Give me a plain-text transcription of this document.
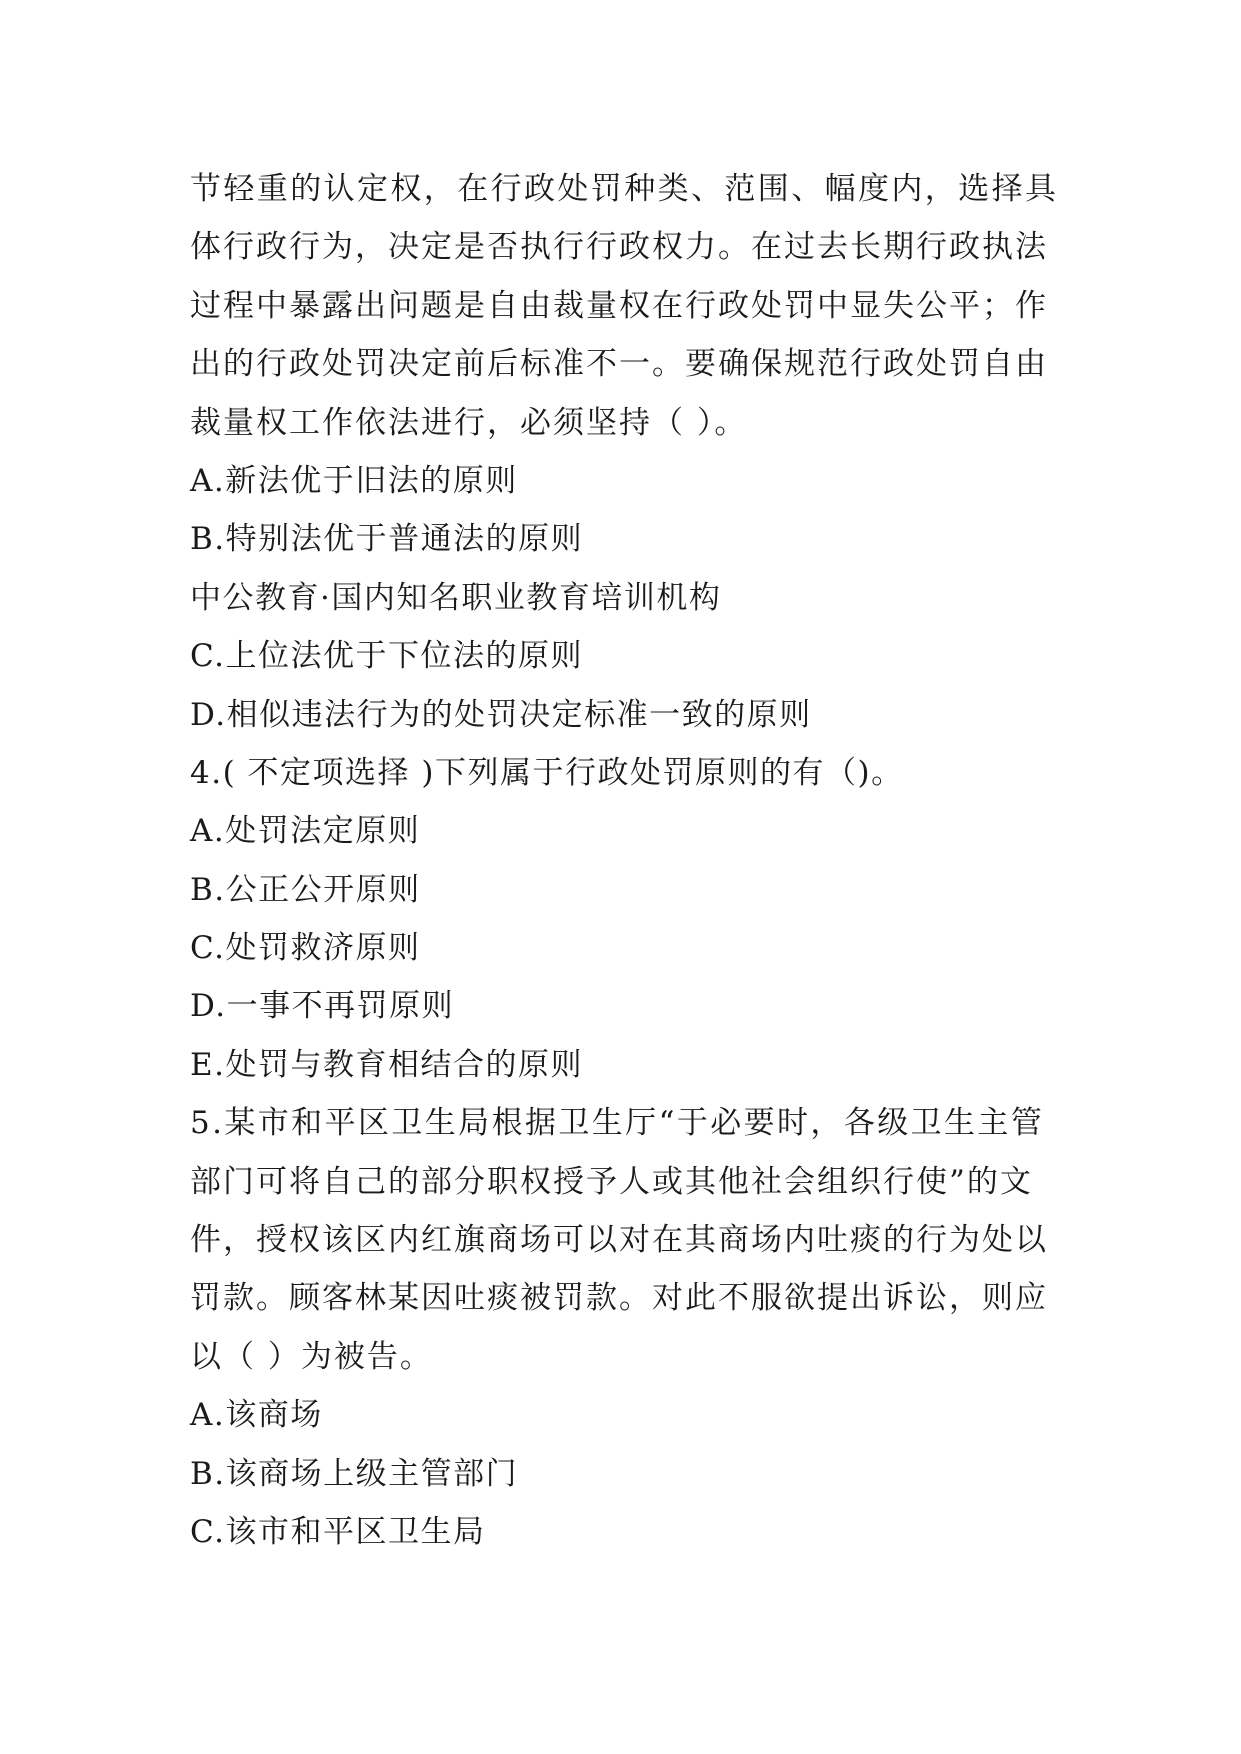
节轻重的认定权，在行政处罚种类、范围、幅度内，选择具
体行政行为，决定是否执行行政权力。在过去长期行政执法
过程中暴露出问题是自由裁量权在行政处罚中显失公平；作
出的行政处罚决定前后标准不一。要确保规范行政处罚自由
裁量权工作依法进行，必须坚持（ ）。
A.新法优于旧法的原则
B.特别法优于普通法的原则
中公教育·国内知名职业教育培训机构
C.上位法优于下位法的原则
D.相似违法行为的处罚决定标准一致的原则
4.( 不定项选择 )下列属于行政处罚原则的有（)。
A.处罚法定原则
B.公正公开原则
C.处罚救济原则
D.一事不再罚原则
E.处罚与教育相结合的原则
5.某市和平区卫生局根据卫生厅“于必要时，各级卫生主管
部门可将自己的部分职权授予人或其他社会组织行使”的文
件，授权该区内红旗商场可以对在其商场内吐痰的行为处以
罚款。顾客林某因吐痰被罚款。对此不服欲提出诉讼，则应
以（ ）为被告。
A.该商场
B.该商场上级主管部门
C.该市和平区卫生局
